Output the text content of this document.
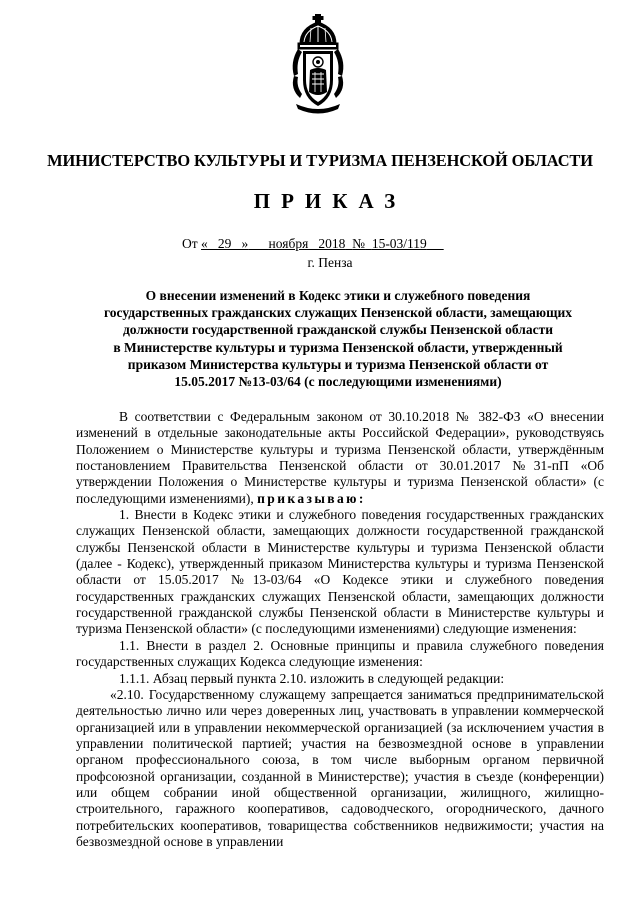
МИНИСТЕРСТВО КУЛЬТУРЫ И ТУРИЗМА ПЕНЗЕНСКОЙ ОБЛАСТИ
ПРИКАЗ
От «   29   » ноября   2018 № 15-03/119
г. Пенза
О внесении изменений в Кодекс этики и служебного поведения
государственных гражданских служащих Пензенской области, замещающих
должности государственной гражданской службы Пензенской области
в Министерстве культуры и туризма Пензенской области, утвержденный
приказом Министерства культуры и туризма Пензенской области от
15.05.2017 №13-03/64 (с последующими изменениями)

В соответствии с Федеральным законом от 30.10.2018 № 382-ФЗ «О внесении изменений в отдельные законодательные акты Российской Федерации», руководствуясь Положением о Министерстве культуры и туризма Пензенской области, утверждённым постановлением Правительства Пензенской области от 30.01.2017 №31-пП «Об утверждении Положения о Министерстве культуры и туризма Пензенской области» (с последующими изменениями), приказываю:

1. Внести в Кодекс этики и служебного поведения государственных гражданских служащих Пензенской области, замещающих должности государственной гражданской службы Пензенской области в Министерстве культуры и туризма Пензенской области (далее - Кодекс), утвержденный приказом Министерства культуры и туризма Пензенской области от 15.05.2017 №13-03/64 «О Кодексе этики и служебного поведения государственных гражданских служащих Пензенской области, замещающих должности государственной гражданской службы Пензенской области в Министерстве культуры и туризма Пензенской области» (с последующими изменениями) следующие изменения:

1.1. Внести в раздел 2. Основные принципы и правила служебного поведения государственных служащих Кодекса следующие изменения:

1.1.1. Абзац первый пункта 2.10. изложить в следующей редакции:

«2.10. Государственному служащему запрещается заниматься предпринимательской деятельностью лично или через доверенных лиц, участвовать в управлении коммерческой организацией или в управлении некоммерческой организацией (за исключением участия в управлении политической партией; участия на безвозмездной основе в управлении органом профессионального союза, в том числе выборным органом первичной профсоюзной организации, созданной в Министерстве); участия в съезде (конференции) или общем собрании иной общественной организации, жилищного, жилищно-строительного, гаражного кооперативов, садоводческого, огороднического, дачного потребительских кооперативов, товарищества собственников недвижимости; участия на безвозмездной основе в управлении
